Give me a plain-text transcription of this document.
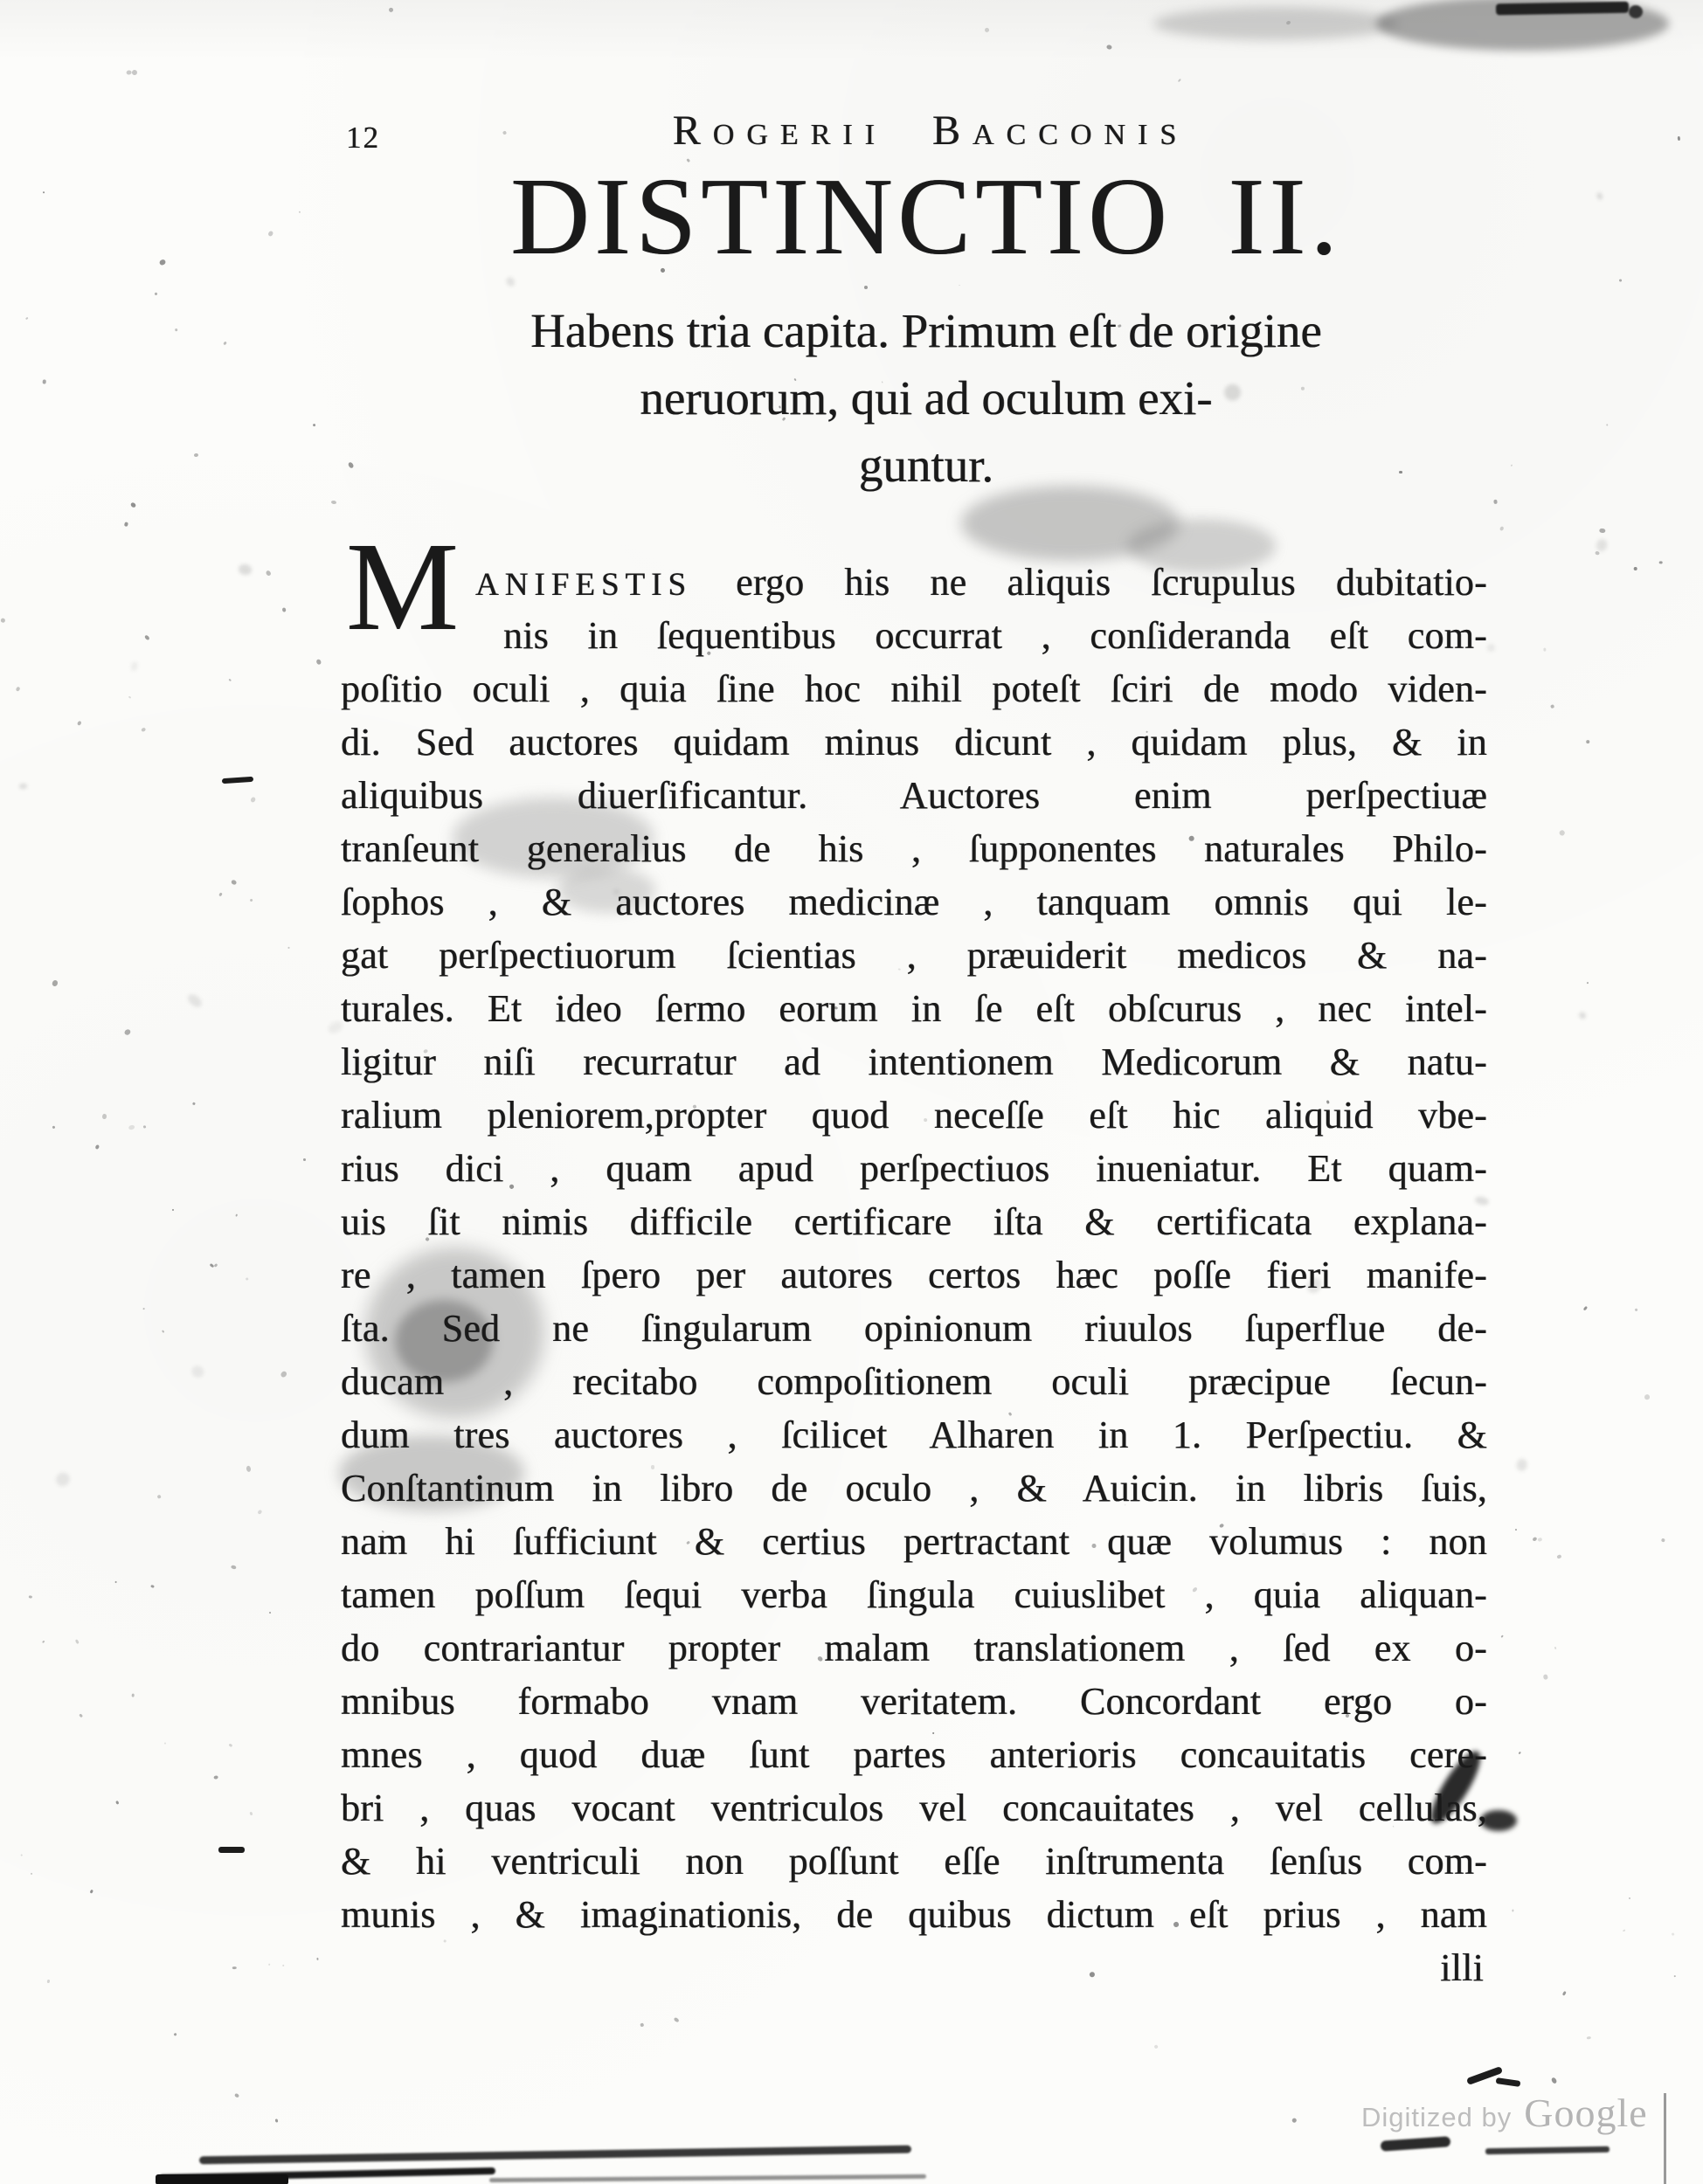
12	Rogerii Bacconis
DISTINCTIO II.
Habens tria capita. Primum eſt de origine
neruorum, qui ad oculum exi-
guntur.
M ANIFESTIS ergo his ne aliquis ſcrupulus dubitatio-
nis in ſequentibus occurrat , conſideranda eſt com-
poſitio oculi , quia ſine hoc nihil poteſt ſciri de modo viden-
di. Sed auctores quidam minus dicunt , quidam plus, & in
aliquibus diuerſificantur. Auctores enim perſpectiuæ
tranſeunt generalius de his , ſupponentes naturales Philo-
ſophos , & auctores medicinæ , tanquam omnis qui le-
gat perſpectiuorum ſcientias , præuiderit medicos & na-
turales. Et ideo ſermo eorum in ſe eſt obſcurus , nec intel-
ligitur niſi recurratur ad intentionem Medicorum & natu-
ralium pleniorem,propter quod neceſſe eſt hic aliquid vbe-
rius dici , quam apud perſpectiuos inueniatur. Et quam-
uis ſit nimis difficile certificare iſta & certificata explana-
re , tamen ſpero per autores certos hæc poſſe fieri manife-
ſta. Sed ne ſingularum opinionum riuulos ſuperflue de-
ducam , recitabo compoſitionem oculi præcipue ſecun-
dum tres auctores , ſcilicet Alharen in 1. Perſpectiu. &
Conſtantinum in libro de oculo , & Auicin. in libris ſuis,
nam hi ſufficiunt & certius pertractant quæ volumus : non
tamen poſſum ſequi verba ſingula cuiuslibet , quia aliquan-
do contrariantur propter malam translationem , ſed ex o-
mnibus formabo vnam veritatem. Concordant ergo o-
mnes , quod duæ ſunt partes anterioris concauitatis cere-
bri , quas vocant ventriculos vel concauitates , vel cellulas,
& hi ventriculi non poſſunt eſſe inſtrumenta ſenſus com-
munis , & imaginationis, de quibus dictum eſt prius , nam
illi
Digitized by Google
